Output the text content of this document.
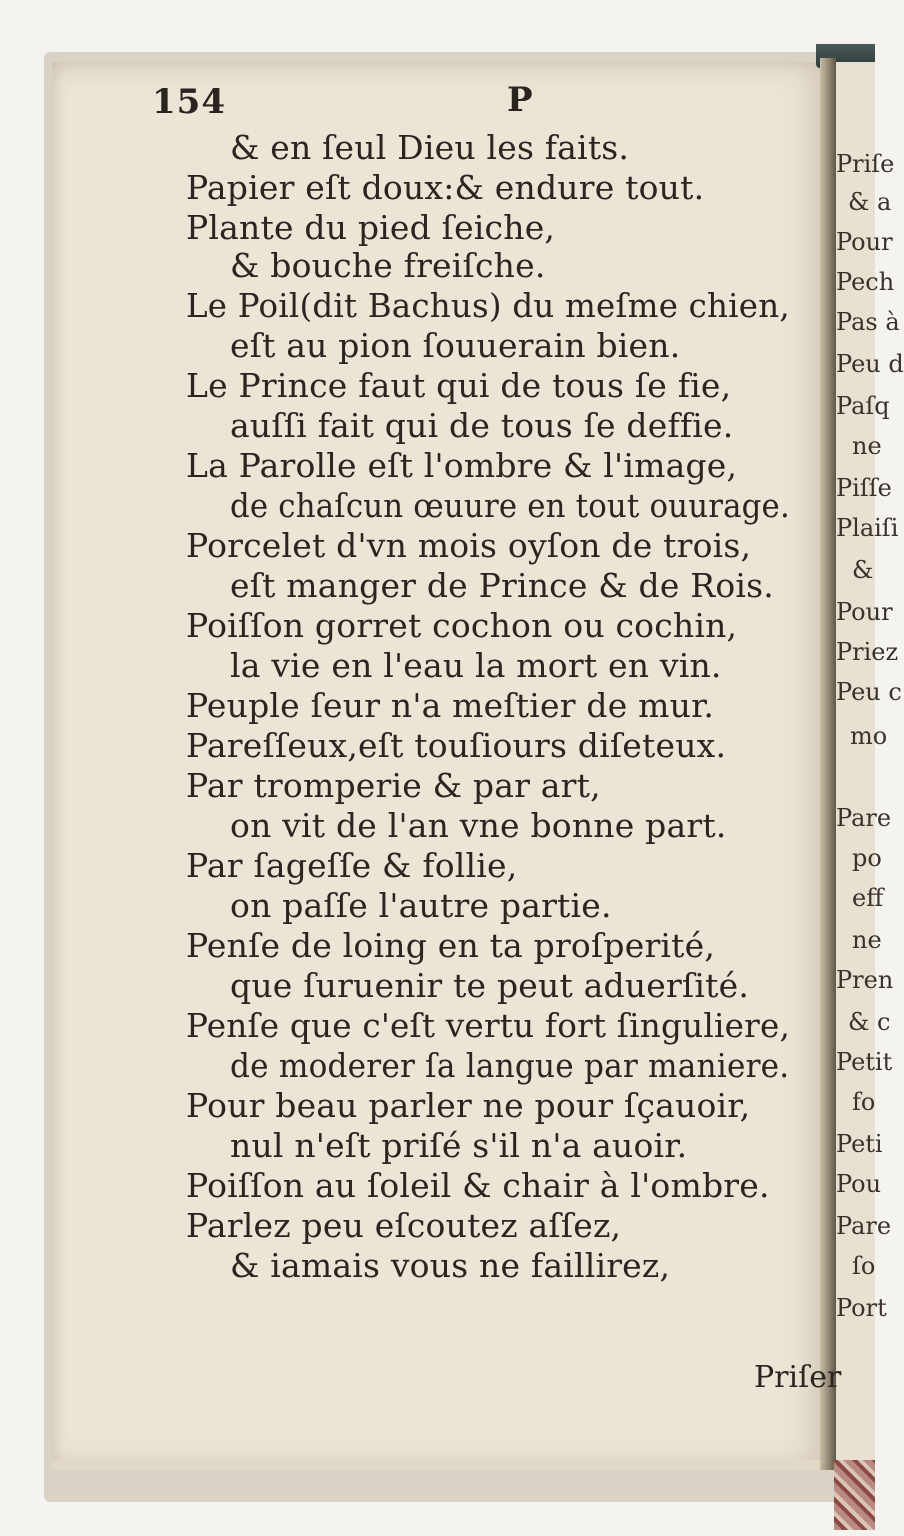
Priſe
& a
Pour
Pech
Pas à
Peu d
Paſq
ne
Piſſe
Plaiſi
&
Pour
Priez
Peu c
mo
Pare
po
eff
ne
Pren
& c
Petit
fo
Peti
Pou
Pare
ſo
Port
154	P
& en ſeul Dieu les faits.
Papier eſt doux:& endure tout.
Plante du pied ſeiche,
& bouche freiſche.
Le Poil(dit Bachus) du meſme chien,
eſt au pion ſouuerain bien.
Le Prince faut qui de tous ſe fie,
auſſi fait qui de tous ſe deffie.
La Parolle eſt l'ombre & l'image,
de chaſcun œuure en tout ouurage.
Porcelet d'vn mois oyſon de trois,
eſt manger de Prince & de Rois.
Poiſſon gorret cochon ou cochin,
la vie en l'eau la mort en vin.
Peuple ſeur n'a meſtier de mur.
Pareſſeux,eſt touſiours diſeteux.
Par tromperie & par art,
on vit de l'an vne bonne part.
Par ſageſſe & follie,
on paſſe l'autre partie.
Penſe de loing en ta proſperité,
que ſuruenir te peut aduerſité.
Penſe que c'eſt vertu fort ſinguliere,
de moderer ſa langue par maniere.
Pour beau parler ne pour ſçauoir,
nul n'eſt priſé s'il n'a auoir.
Poiſſon au ſoleil & chair à l'ombre.
Parlez peu eſcoutez aſſez,
& iamais vous ne faillirez,
Priſer
